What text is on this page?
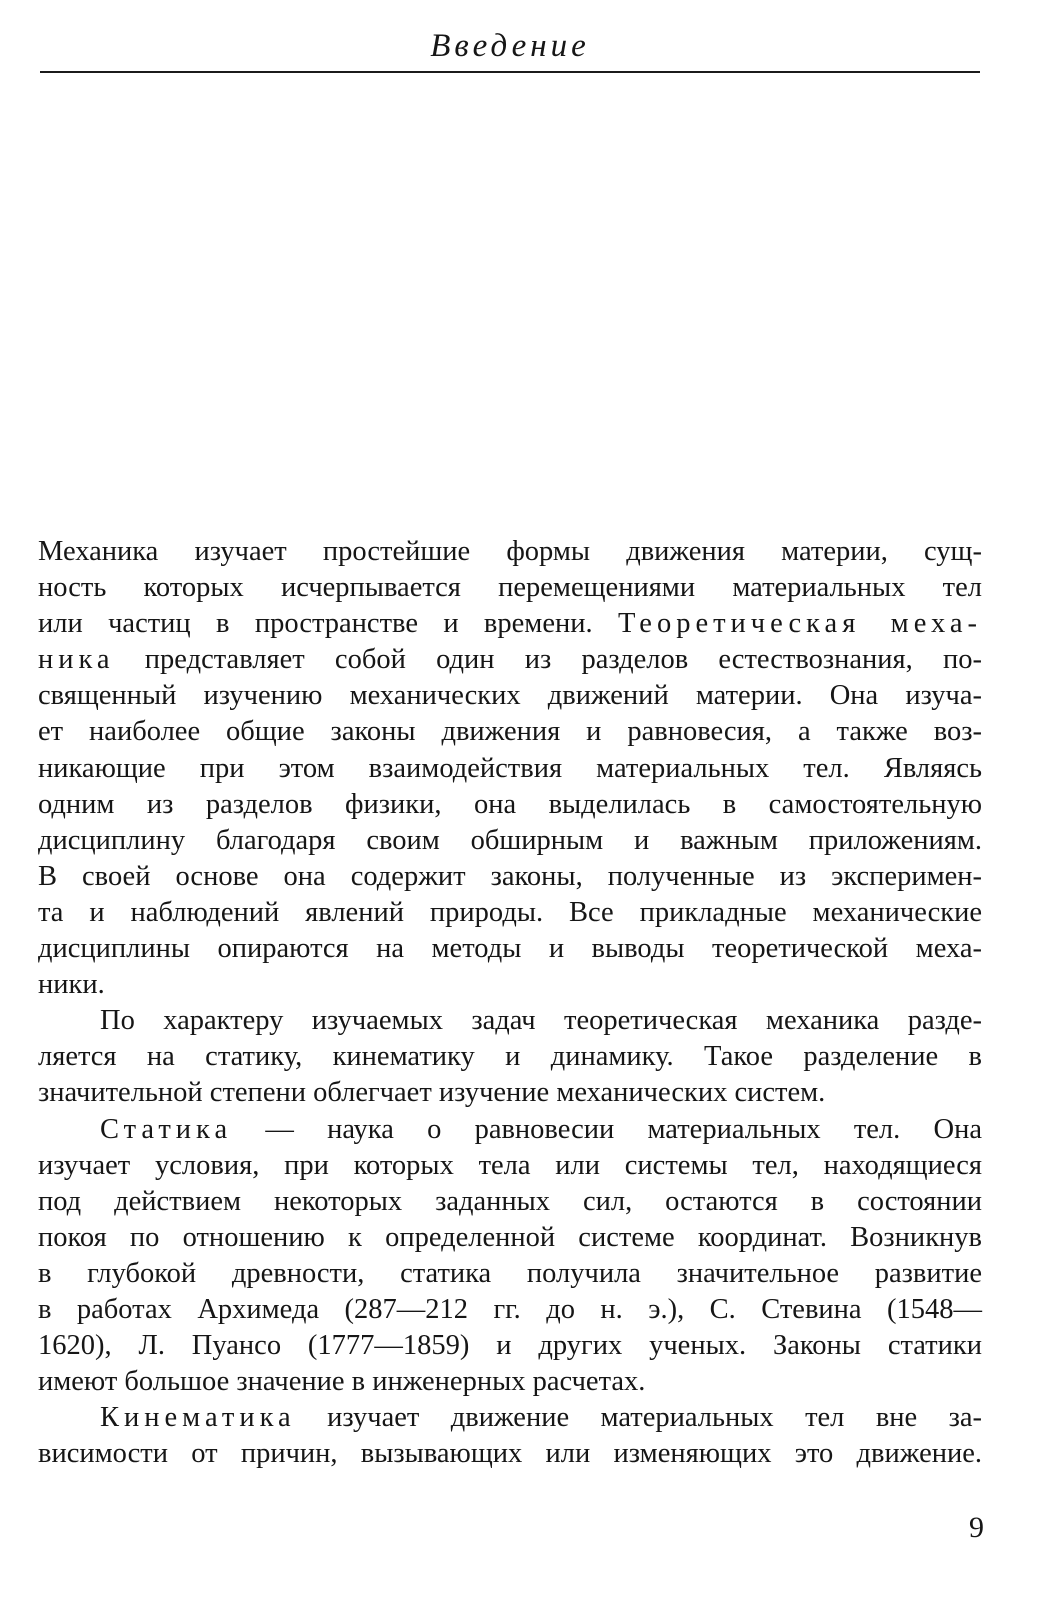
Введение
Механика изучает простейшие формы движения материи, сущ-
ность которых исчерпывается перемещениями материальных тел
или частиц в пространстве и времени. Теоретическая меха-
ника представляет собой один из разделов естествознания, по-
священный изучению механических движений материи. Она изуча-
ет наиболее общие законы движения и равновесия, а также воз-
никающие при этом взаимодействия материальных тел. Являясь
одним из разделов физики, она выделилась в самостоятельную
дисциплину благодаря своим обширным и важным приложениям.
В своей основе она содержит законы, полученные из эксперимен-
та и наблюдений явлений природы. Все прикладные механические
дисциплины опираются на методы и выводы теоретической меха-
ники.
По характеру изучаемых задач теоретическая механика разде-
ляется на статику, кинематику и динамику. Такое разделение в
значительной степени облегчает изучение механических систем.
Статика — наука о равновесии материальных тел. Она
изучает условия, при которых тела или системы тел, находящиеся
под действием некоторых заданных сил, остаются в состоянии
покоя по отношению к определенной системе координат. Возникнув
в глубокой древности, статика получила значительное развитие
в работах Архимеда (287—212 гг. до н. э.), С. Стевина (1548—
1620), Л. Пуансо (1777—1859) и других ученых. Законы статики
имеют большое значение в инженерных расчетах.
Кинематика изучает движение материальных тел вне за-
висимости от причин, вызывающих или изменяющих это движение.
9
